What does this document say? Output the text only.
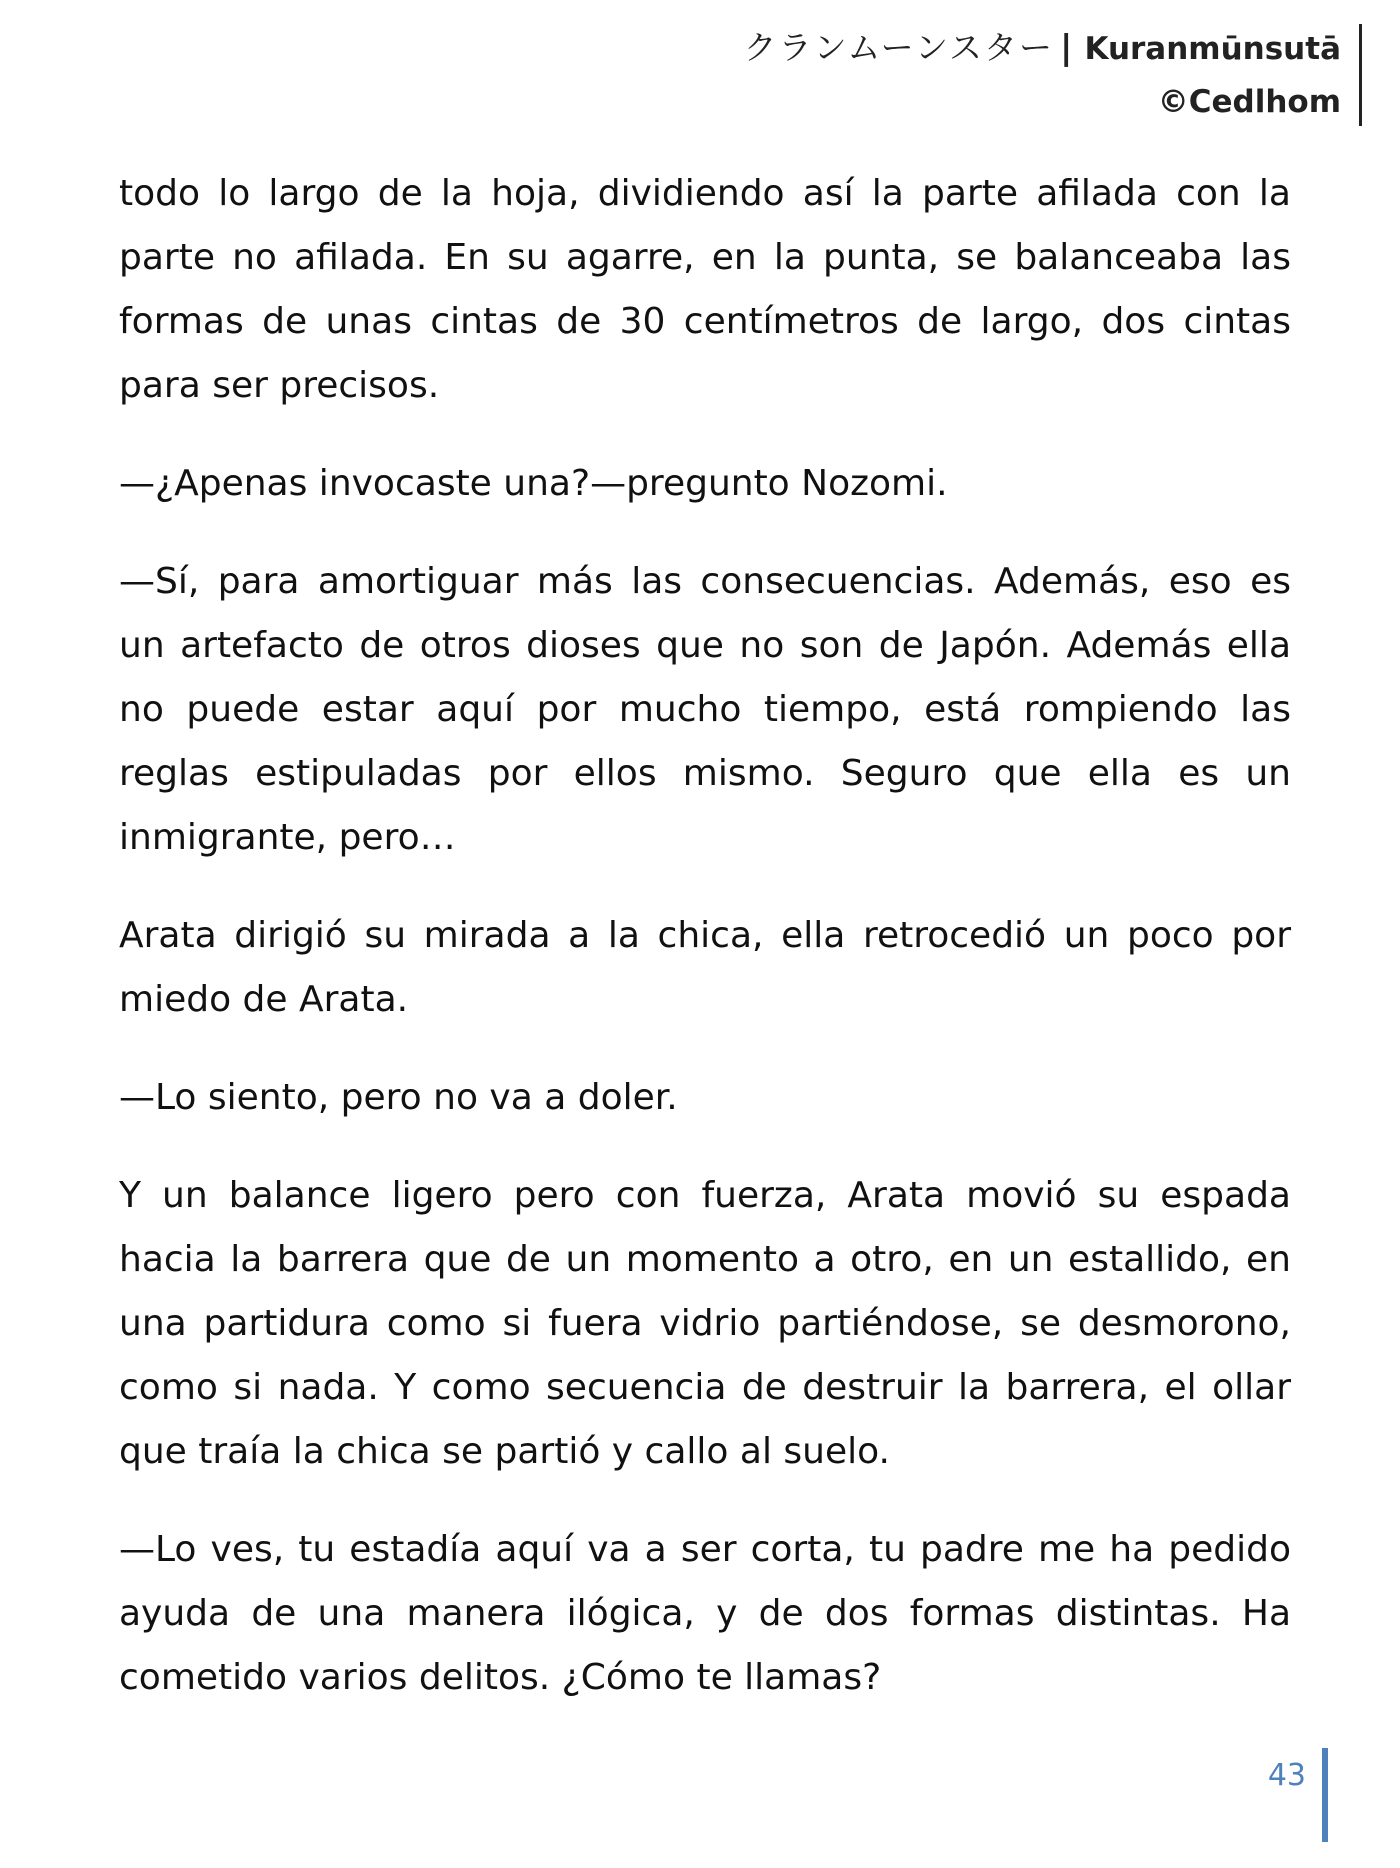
クランムーンスター | Kuranmūnsutā
©Cedlhom

todo lo largo de la hoja, dividiendo así la parte afilada con la parte no afilada. En su agarre, en la punta, se balanceaba las formas de unas cintas de 30 centímetros de largo, dos cintas para ser precisos.

—¿Apenas invocaste una?—pregunto Nozomi.

—Sí, para amortiguar más las consecuencias. Además, eso es un artefacto de otros dioses que no son de Japón. Además ella no puede estar aquí por mucho tiempo, está rompiendo las reglas estipuladas por ellos mismo. Seguro que ella es un inmigrante, pero…

Arata dirigió su mirada a la chica, ella retrocedió un poco por miedo de Arata.

—Lo siento, pero no va a doler.

Y un balance ligero pero con fuerza, Arata movió su espada hacia la barrera que de un momento a otro, en un estallido, en una partidura como si fuera vidrio partiéndose, se desmorono, como si nada. Y como secuencia de destruir la barrera, el ollar que traía la chica se partió y callo al suelo.

—Lo ves, tu estadía aquí va a ser corta, tu padre me ha pedido ayuda de una manera ilógica, y de dos formas distintas. Ha cometido varios delitos. ¿Cómo te llamas?

43
